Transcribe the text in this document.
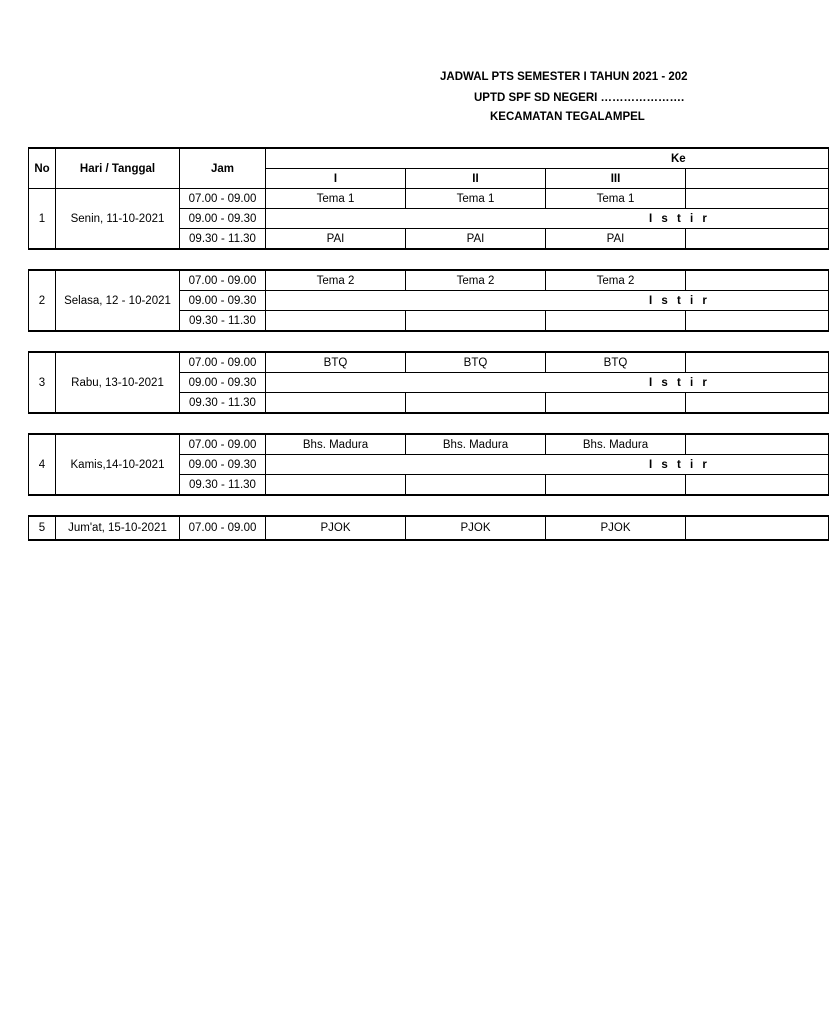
JADWAL PTS SEMESTER I TAHUN 2021 - 202
UPTD SPF SD NEGERI ………………….
KECAMATAN TEGALAMPEL
No	Hari / Tanggal	Jam	Ke			
			I	II	III	
1	Senin, 11-10-2021	07.00 - 09.00	Tema 1	Tema 1	Tema 1	
		09.00 - 09.30	I s t i r			
		09.30 - 11.30	PAI	PAI	PAI	

2	Selasa, 12 - 10-2021	07.00 - 09.00	Tema 2	Tema 2	Tema 2	
		09.00 - 09.30	I s t i r			
		09.30 - 11.30				

3	Rabu, 13-10-2021	07.00 - 09.00	BTQ	BTQ	BTQ	
		09.00 - 09.30	I s t i r			
		09.30 - 11.30				

4	Kamis,14-10-2021	07.00 - 09.00	Bhs. Madura	Bhs. Madura	Bhs. Madura	
		09.00 - 09.30	I s t i r			
		09.30 - 11.30				

5	Jum'at, 15-10-2021	07.00 - 09.00	PJOK	PJOK	PJOK	
